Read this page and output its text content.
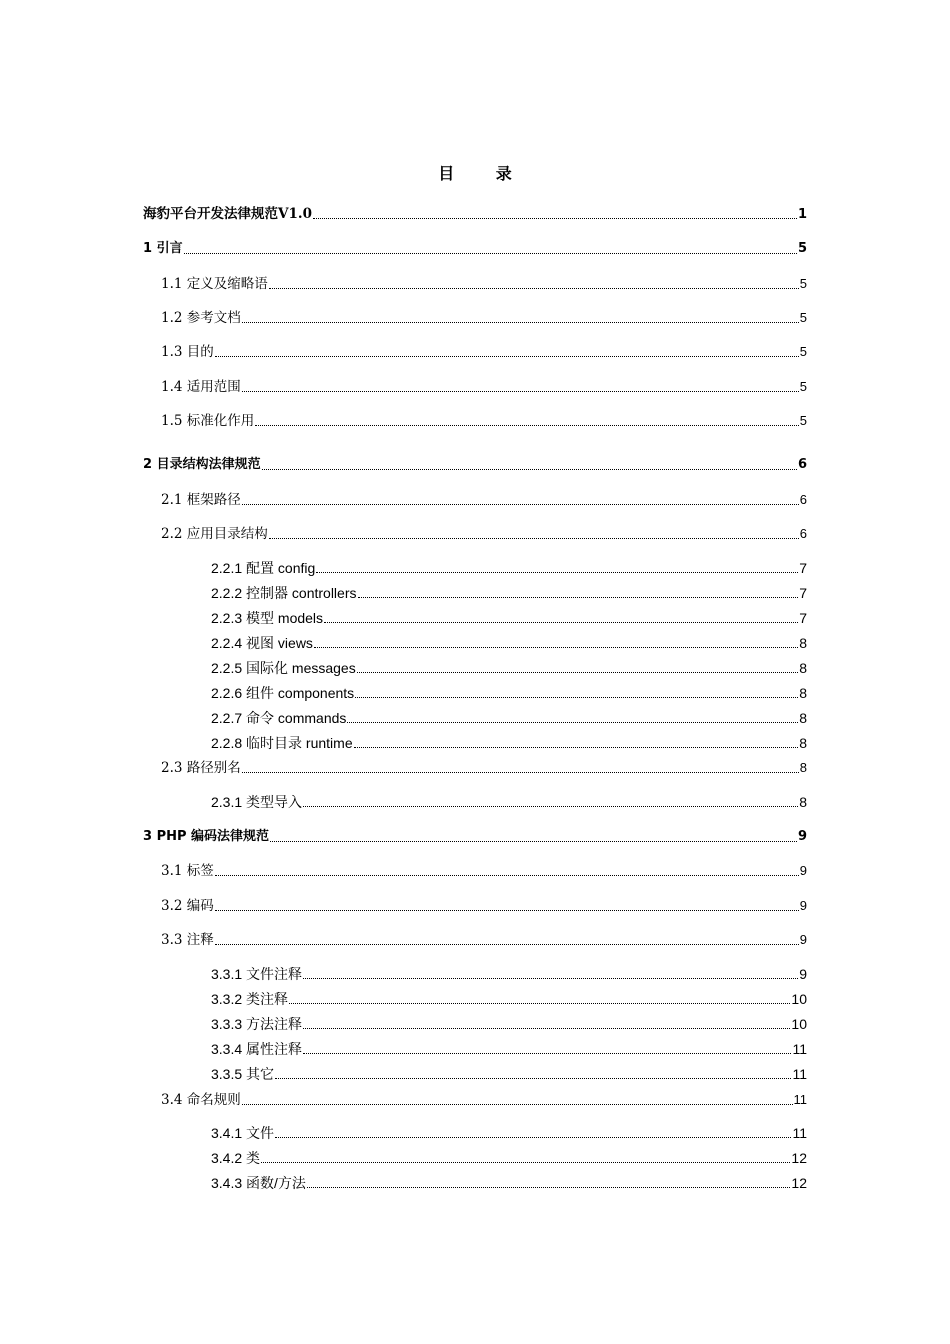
目 录
海豹平台开发法律规范V1.0	1
1 引言	5
1.1 定义及缩略语	5
1.2 参考文档	5
1.3 目的	5
1.4 适用范围	5
1.5 标准化作用	5
2 目录结构法律规范	6
2.1 框架路径	6
2.2 应用目录结构	6
2.2.1 配置 config	7
2.2.2 控制器 controllers	7
2.2.3 模型 models	7
2.2.4 视图 views	8
2.2.5 国际化 messages	8
2.2.6 组件 components	8
2.2.7 命令 commands	8
2.2.8 临时目录 runtime	8
2.3 路径别名	8
2.3.1 类型导入	8
3 PHP 编码法律规范	9
3.1 标签	9
3.2 编码	9
3.3 注释	9
3.3.1 文件注释	9
3.3.2 类注释	10
3.3.3 方法注释	10
3.3.4 属性注释	11
3.3.5 其它	11
3.4 命名规则	11
3.4.1 文件	11
3.4.2 类	12
3.4.3 函数/方法	12
